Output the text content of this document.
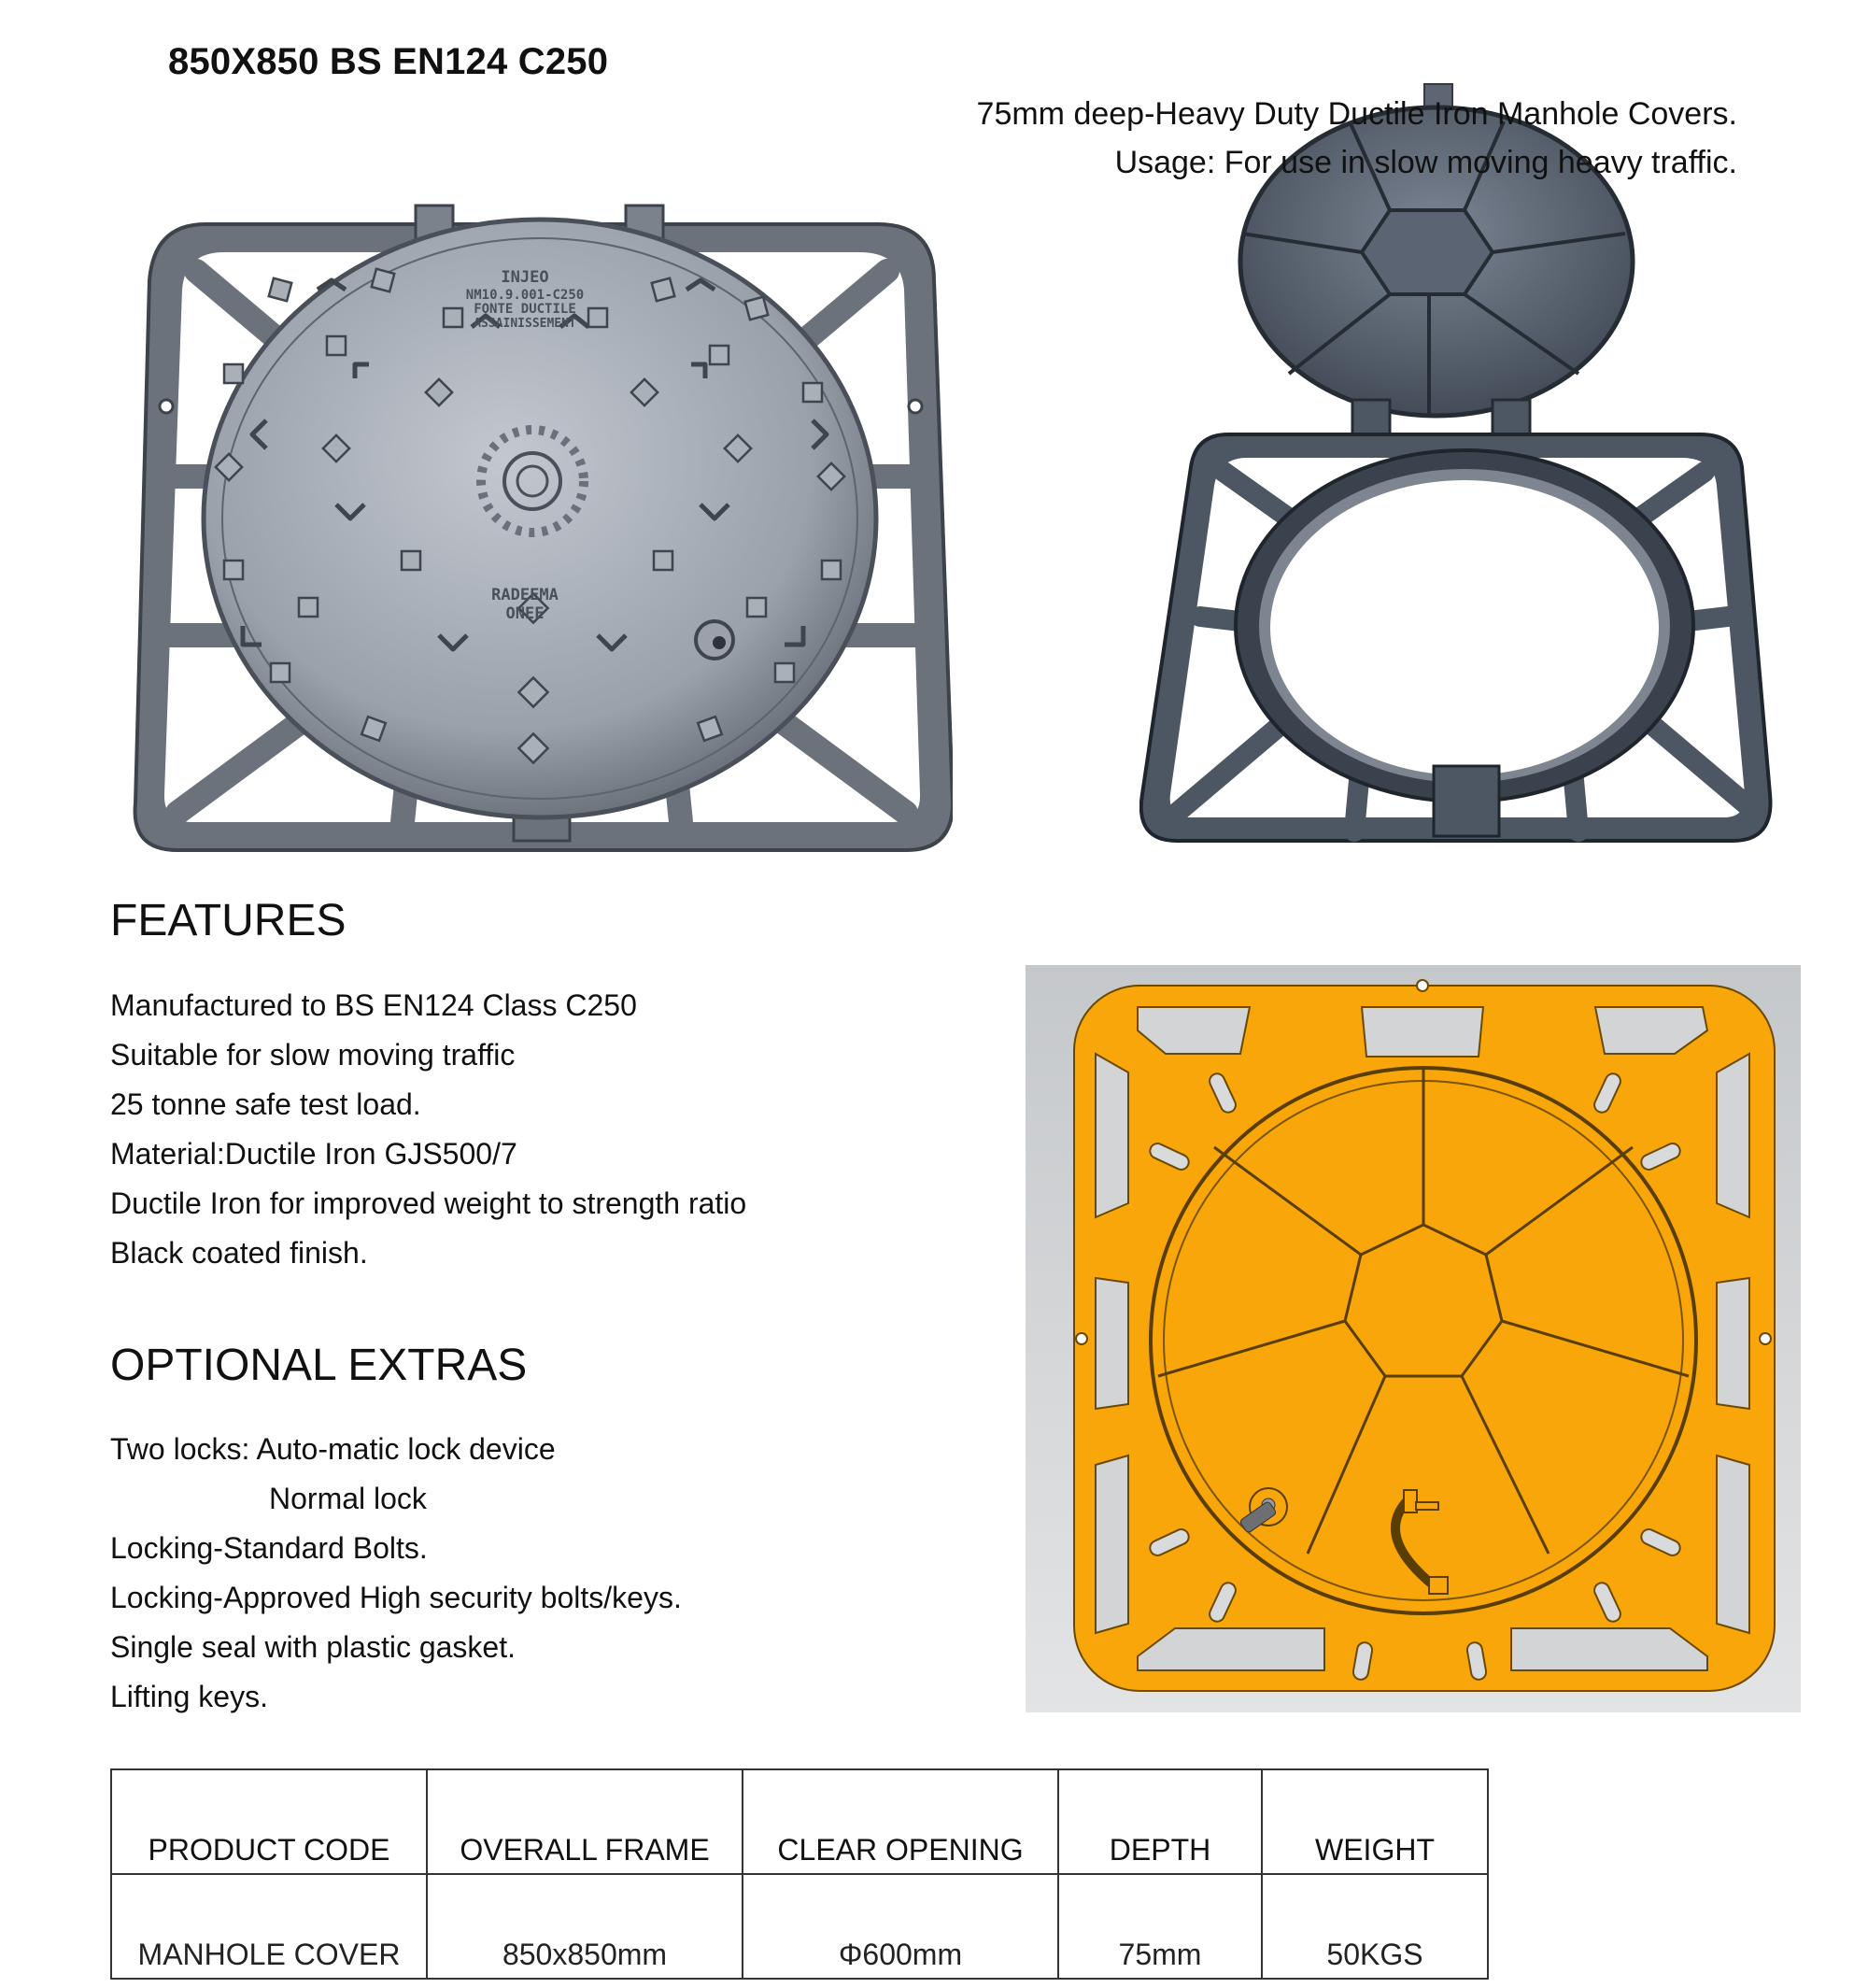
850X850 BS EN124 C250
75mm deep-Heavy Duty Ductile Iron Manhole Covers.
Usage: For use in slow moving heavy traffic.
INJEO
NM10.9.001-C250
FONTE DUCTILE
ASSAINISSEMENT
RADEEMA
ONEE
FEATURES
Manufactured to BS EN124 Class C250
Suitable for slow moving traffic
25 tonne safe test load.
Material:Ductile Iron GJS500/7
Ductile Iron for improved weight to strength ratio
Black coated finish.
OPTIONAL EXTRAS
Two locks: Auto-matic lock device
Normal lock
Locking-Standard Bolts.
Locking-Approved High security bolts/keys.
Single seal with plastic gasket.
Lifting keys.
PRODUCT CODE	OVERALL FRAME	CLEAR OPENING	DEPTH	WEIGHT
MANHOLE COVER	850x850mm	Φ600mm	75mm	50KGS
